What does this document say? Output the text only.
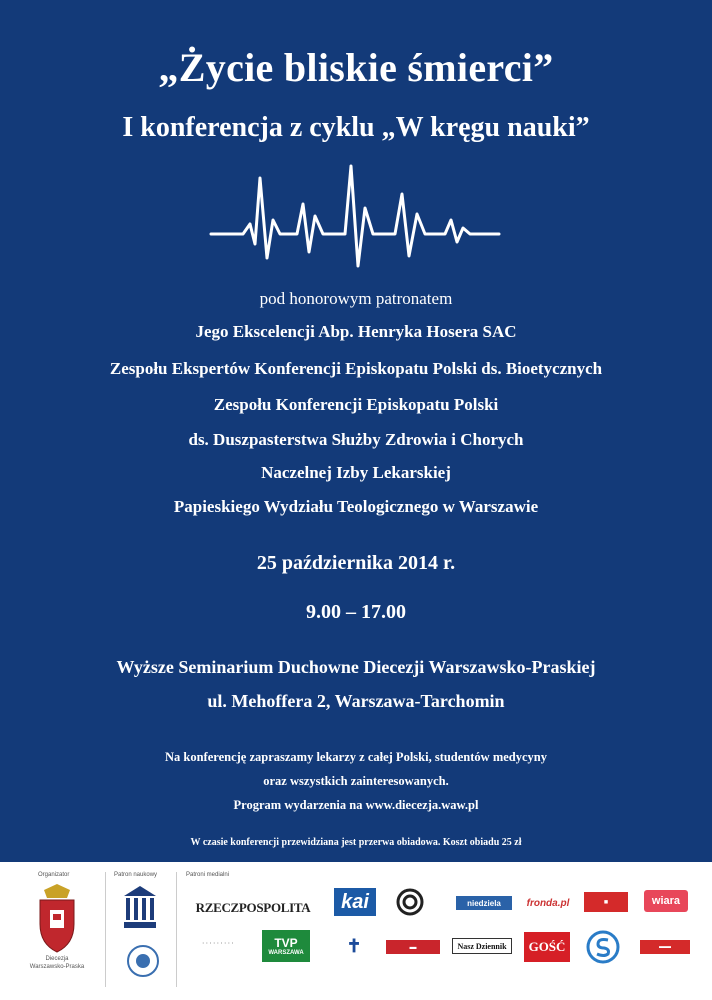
„Życie bliskie śmierci”
I konferencja z cyklu „W kręgu nauki”
pod honorowym patronatem
Jego Ekscelencji Abp. Henryka Hosera SAC
Zespołu Ekspertów Konferencji Episkopatu Polski ds. Bioetycznych
Zespołu Konferencji Episkopatu Polski
ds. Duszpasterstwa Służby Zdrowia i Chorych
Naczelnej Izby Lekarskiej
Papieskiego Wydziału Teologicznego w Warszawie
25 października 2014 r.
9.00 – 17.00
Wyższe Seminarium Duchowne Diecezji Warszawsko-Praskiej
ul. Mehoffera 2, Warszawa-Tarchomin
Na konferencję zapraszamy lekarzy z całej Polski, studentów medycyny
oraz wszystkich zainteresowanych.
Program wydarzenia na www.diecezja.waw.pl
W czasie konferencji przewidziana jest przerwa obiadowa. Koszt obiadu 25 zł
Organizator
Diecezja
Warszawsko-Praska
Patron naukowy	Patroni medialni
RZECZPOSPOLITA	kai	niedziela	fronda.pl	■	wiara
· · · · · · · · ·	TVP
WARSZAWA	✝	▬	Nasz Dziennik	GOŚĆ	▬▬
